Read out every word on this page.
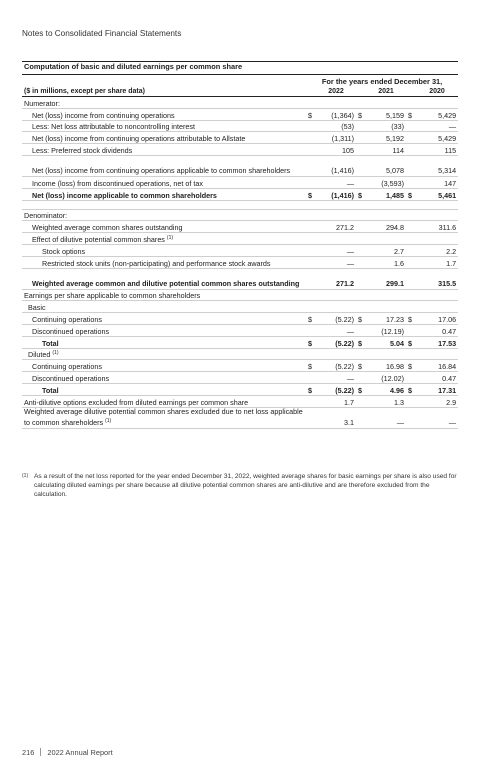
Notes to Consolidated Financial Statements
Computation of basic and diluted earnings per common share
	For the years ended December 31,					
($ in millions, except per share data)		2022		2021		2020
Numerator:						
Net (loss) income from continuing operations	$	(1,364)	$	5,159	$	5,429
Less: Net loss attributable to noncontrolling interest		(53)		(33)		—
Net (loss) income from continuing operations attributable to Allstate		(1,311)		5,192		5,429
Less: Preferred stock dividends		105		114		115
Net (loss) income from continuing operations applicable to common shareholders		(1,416)		5,078		5,314
Income (loss) from discontinued operations, net of tax		—		(3,593)		147
Net (loss) income applicable to common shareholders	$	(1,416)	$	1,485	$	5,461

Denominator:						
Weighted average common shares outstanding		271.2		294.8		311.6
Effect of dilutive potential common shares $^{(1)}$
Stock options		—		2.7		2.2
Restricted stock units (non-participating) and performance stock awards		—		1.6		1.7
Weighted average common and dilutive potential common shares outstanding		271.2		299.1		315.5
Earnings per share applicable to common shareholders						
Basic						
Continuing operations	$	(5.22)	$	17.23	$	17.06
Discontinued operations		—		(12.19)		0.47
Total	$	(5.22)	$	5.04	$	17.53
Diluted $^{(1)}$
Continuing operations	$	(5.22)	$	16.98	$	16.84
Discontinued operations		—		(12.02)		0.47
Total	$	(5.22)	$	4.96	$	17.31
Anti-dilutive options excluded from diluted earnings per common share		1.7		1.3		2.9
Weighted average dilutive potential common shares excluded due to net loss applicable to common shareholders $^{(1)}$		3.1		—		—
(1) As a result of the net loss reported for the year ended December 31, 2022, weighted average shares for basic earnings per share is also used for calculating diluted earnings per share because all dilutive potential common shares are anti-dilutive and are therefore excluded from the calculation.
216 2022 Annual Report
